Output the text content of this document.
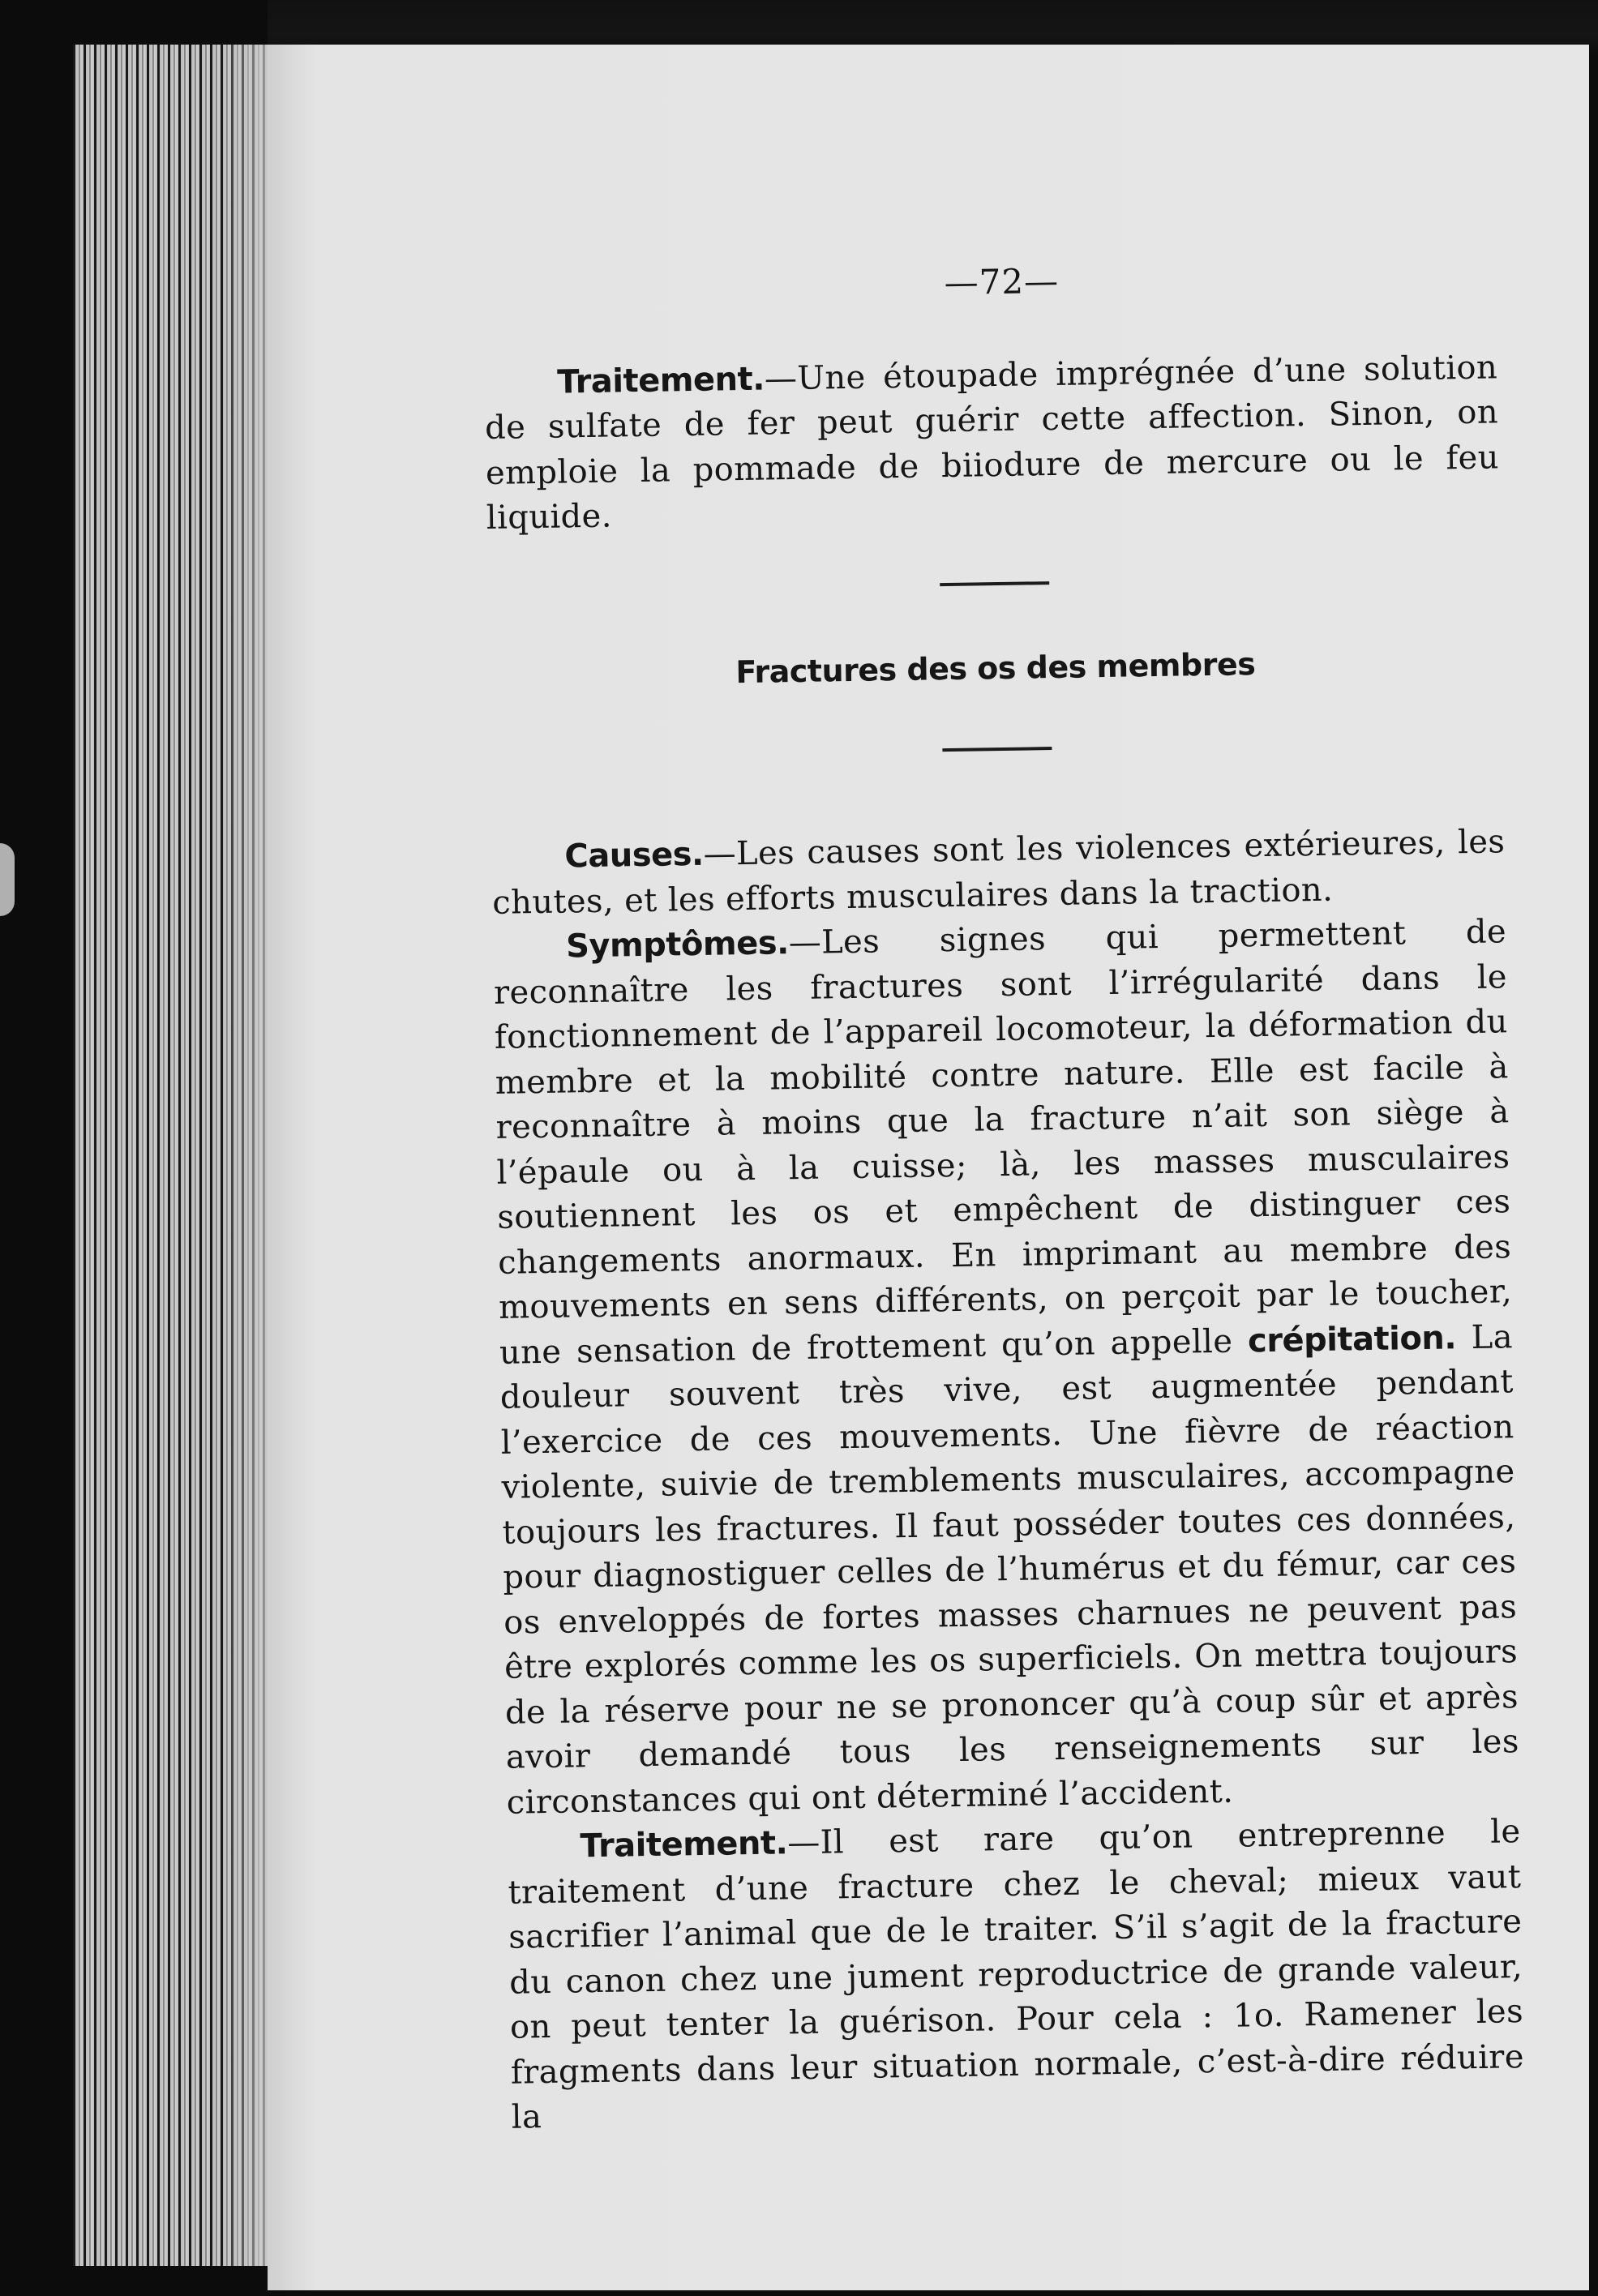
—72—

Traitement.—Une étoupade imprégnée d’une solution de sulfate de fer peut guérir cette affection. Sinon, on emploie la pommade de biiodure de mercure ou le feu liquide.

Fractures des os des membres

Causes.—Les causes sont les violences extérieures, les chutes, et les efforts musculaires dans la traction.

Symptômes.—Les signes qui permettent de reconnaître les fractures sont l’irrégularité dans le fonctionnement de l’appareil locomoteur, la déformation du membre et la mobilité contre nature. Elle est facile à reconnaître à moins que la fracture n’ait son siège à l’épaule ou à la cuisse; là, les masses musculaires soutiennent les os et empêchent de distinguer ces changements anormaux. En imprimant au membre des mouvements en sens différents, on perçoit par le toucher, une sensation de frottement qu’on appelle crépitation. La douleur souvent très vive, est augmentée pendant l’exercice de ces mouvements. Une fièvre de réaction violente, suivie de tremblements musculaires, accompagne toujours les fractures. Il faut posséder toutes ces données, pour diagnostiguer celles de l’humérus et du fémur, car ces os enveloppés de fortes masses charnues ne peuvent pas être explorés comme les os superficiels. On mettra toujours de la réserve pour ne se prononcer qu’à coup sûr et après avoir demandé tous les renseignements sur les circonstances qui ont déterminé l’accident.

Traitement.—Il est rare qu’on entreprenne le traitement d’une fracture chez le cheval; mieux vaut sacrifier l’animal que de le traiter. S’il s’agit de la fracture du canon chez une jument reproductrice de grande valeur, on peut tenter la guérison. Pour cela : 1o. Ramener les fragments dans leur situation normale, c’est-à-dire réduire la
